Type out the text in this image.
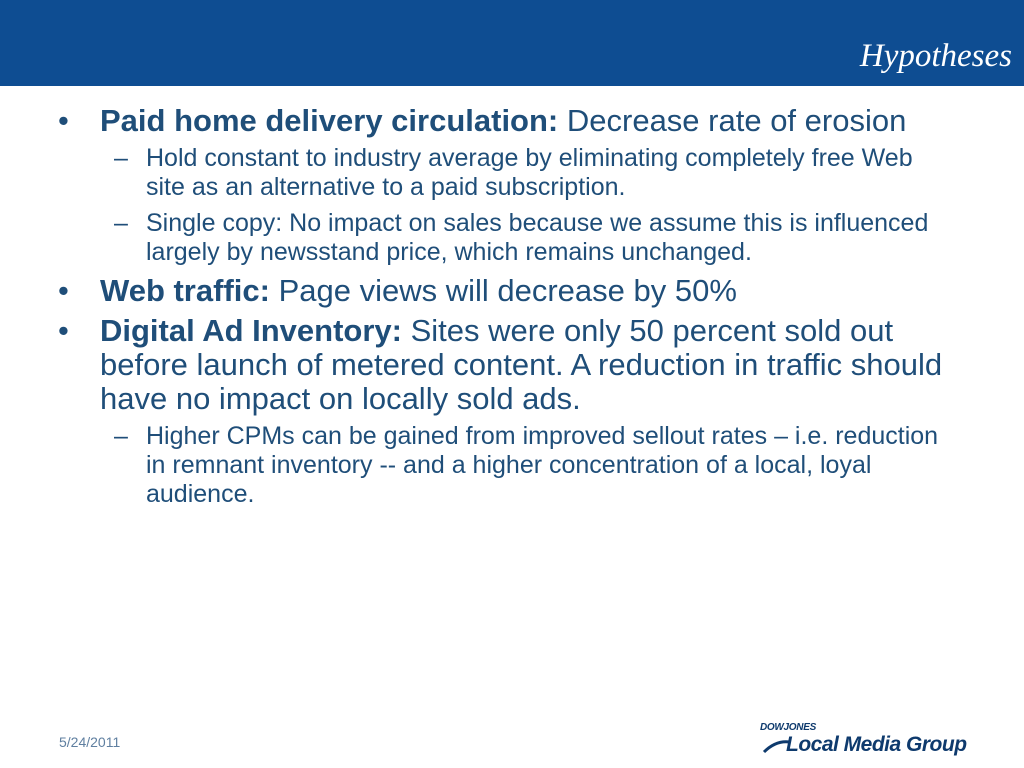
Hypotheses
•	Paid home delivery circulation: Decrease rate of erosion
– Hold constant to industry average by eliminating completely free Web site as an alternative to a paid subscription.
– Single copy: No impact on sales because we assume this is influenced largely by newsstand price, which remains unchanged.
•	Web traffic: Page views will decrease by 50%
•	Digital Ad Inventory: Sites were only 50 percent sold out before launch of metered content. A reduction in traffic should have no impact on locally sold ads.
– Higher CPMs can be gained from improved sellout rates – i.e. reduction in remnant inventory -- and a higher concentration of a local, loyal audience.
5/24/2011
DOWJONES
Local Media Group
